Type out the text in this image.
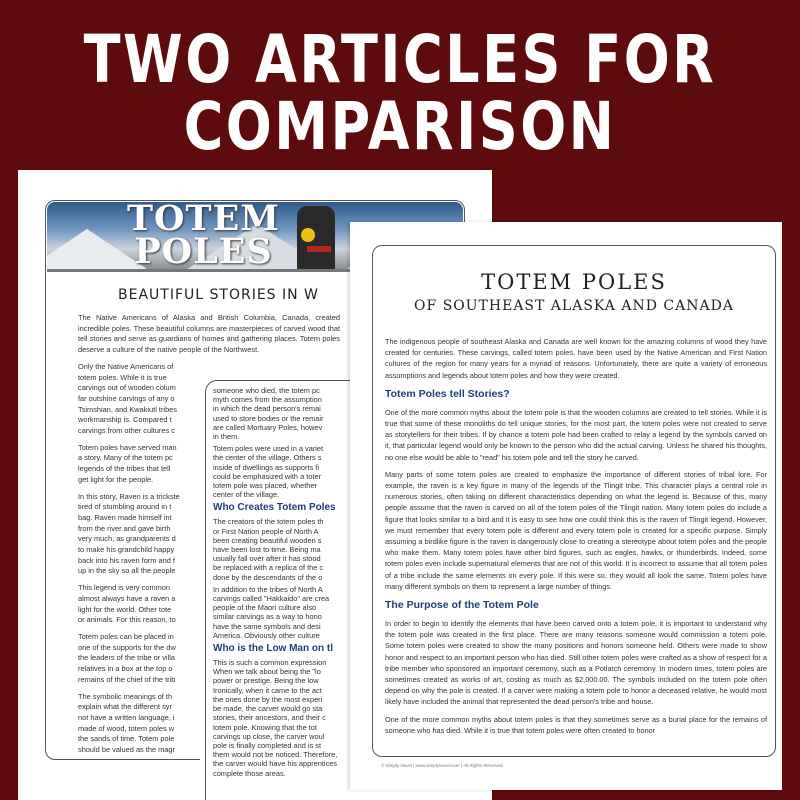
TWO ARTICLES FOR
COMPARISON
TOTEM
POLES
BEAUTIFUL STORIES IN W

The Native Americans of Alaska and British Columbia, Canada, created incredible poles. These beautiful columns are masterpieces of carved wood that tell stories and serve as guardians of homes and gathering places. Totem poles deserve a culture of the native people of the Northwest.

Only the Native Americans of
totem poles. While it is true
carvings out of wooden colum
far outshine carvings of any o
Tsimshian, and Kwakiutl tribes
workmanship is. Compared t
carvings from other cultures c
Totem poles have served man
a story. Many of the totem pc
legends of the tribes that tell
get light for the people.
In this story, Raven is a trickste
tired of stumbling around in t
bag. Raven made himself int
from the river and gave birth
very much, as grandparents d
to make his grandchild happy
back into his raven form and f
up in the sky so all the people
This legend is very common
almost always have a raven a
light for the world. Other tote
or animals. For this reason, to
Totem poles can be placed in
one of the supports for the dw
the leaders of the tribe or villa
relatives in a box at the top o
remains of the chief of the trib
The symbolic meanings of th
explain what the different syr
not have a written language, i
made of wood, totem poles w
the sands of time. Totem pole
should be valued as the magr

someone who died, the totem pc
myth comes from the assumption
in which the dead person's remai
used to store bodies or the remair
are called Mortuary Poles, howev
in them.

Totem poles were used in a variet
the center of the village. Others s
inside of dwellings as supports fi
could be emphasized with a toter
totem pole was placed, whether
center of the village.

Who Creates Totem Poles

The creators of the totem poles th
or First Nation people of North A
been creating beautiful wooden s
have been lost to time. Being ma
usually fall over after it has stood
be replaced with a replica of the c
done by the descendants of the o

In addition to the tribes of North A
carvings called "Hakkaido" are crea
people of the Maori culture also
similar carvings as a way to hono
have the same symbols and desi
America. Obviously other culture

Who is the Low Man on tl

This is such a common expression
When we talk about being the "lo
power or prestige. Being the low
Ironically, when it came to the act
the ones done by the most experi
be made, the carver would go sta
stories, their ancestors, and their c
totem pole. Knowing that the tot
carvings up close, the carver woul
pole is finally completed and is st
them would not be noticed. Therefore, the carver would have his apprentices complete those areas.

TOTEM POLES
OF SOUTHEAST ALASKA AND CANADA

The indigenous people of southeast Alaska and Canada are well known for the amazing columns of wood they have created for centuries. These carvings, called totem poles, have been used by the Native American and First Nation cultures of the region for many years for a myriad of reasons. Unfortunately, there are quite a variety of erroneous assumptions and legends about totem poles and how they were created.

Totem Poles tell Stories?

One of the more common myths about the totem pole is that the wooden columns are created to tell stories. While it is true that some of these monoliths do tell unique stories, for the most part, the totem poles were not created to serve as storytellers for their tribes. If by chance a totem pole had been crafted to relay a legend by the symbols carved on it, that particular legend would only be known to the person who did the actual carving. Unless he shared his thoughts, no one else would be able to "read" his totem pole and tell the story he carved.

Many parts of some totem poles are created to emphasize the importance of different stories of tribal lore. For example, the raven is a key figure in many of the legends of the Tlingit tribe. This character plays a central role in numerous stories, often taking on different characteristics depending on what the legend is. Because of this, many people assume that the raven is carved on all of the totem poles of the Tlingit nation. Many totem poles do include a figure that looks similar to a bird and it is easy to see how one could think this is the raven of Tlingit legend. However, we must remember that every totem pole is different and every totem pole is created for a specific purpose. Simply assuming a birdlike figure is the raven is dangerously close to creating a stereotype about totem poles and the people who make them. Many totem poles have other bird figures, such as eagles, hawks, or thunderbirds. Indeed, some totem poles even include supernatural elements that are not of this world. It is incorrect to assume that all totem poles of a tribe include the same elements on every pole. If this were so, they would all look the same. Totem poles have many different symbols on them to represent a large number of things.

The Purpose of the Totem Pole

In order to begin to identify the elements that have been carved onto a totem pole, it is important to understand why the totem pole was created in the first place. There are many reasons someone would commission a totem pole. Some totem poles were created to show the many positions and honors someone held. Others were made to show honor and respect to an important person who has died. Still other totem poles were crafted as a show of respect for a tribe member who sponsored an important ceremony, such as a Potlatch ceremony. In modern times, totem poles are sometimes created as works of art, costing as much as $2,000.00. The symbols included on the totem pole often depend on why the pole is created. If a carver were making a totem pole to honor a deceased relative, he would most likely have included the animal that represented the dead person's tribe and house.

One of the more common myths about totem poles is that they sometimes serve as a burial place for the remains of someone who has died. While it is true that totem poles were often created to honor

© Simply Novel | www.simplynovel.com | All Rights Reserved.
